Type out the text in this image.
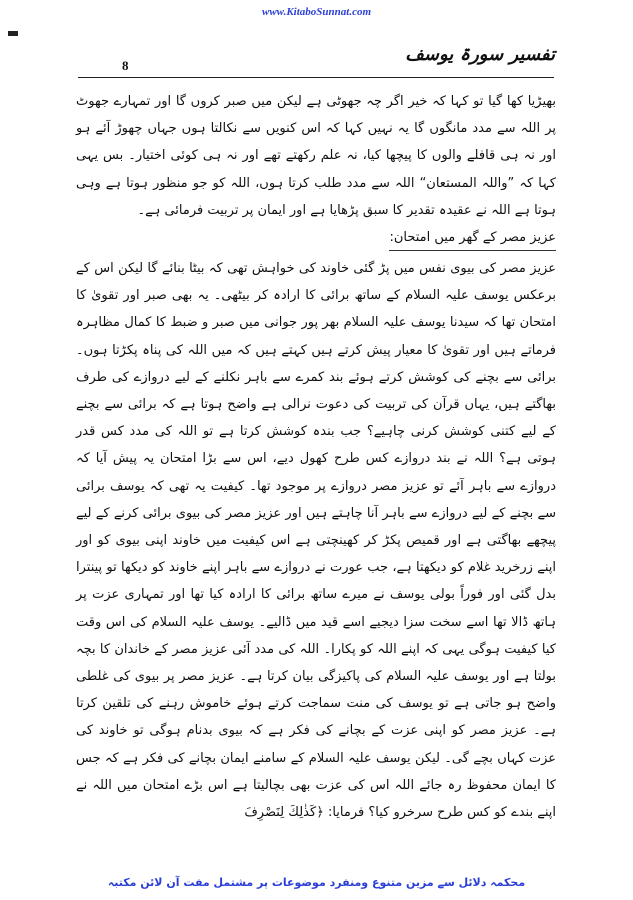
www.KitaboSunnat.com
8
تفسیر سورۃ یوسف

بھیڑیا کھا گیا تو کہا کہ خیر اگر چہ جھوٹی ہے لیکن میں صبر کروں گا اور تمہارے جھوٹ پر اللہ سے مدد مانگوں گا یہ نہیں کہا کہ اس کنویں سے نکالتا ہوں جہاں چھوڑ آئے ہو اور نہ ہی قافلے والوں کا پیچھا کیا، نہ علم رکھتے تھے اور نہ ہی کوئی اختیار۔ بس یہی کہا کہ ”واللہ المستعان“ اللہ سے مدد طلب کرتا ہوں، اللہ کو جو منظور ہوتا ہے وہی ہوتا ہے اللہ نے عقیدہ تقدیر کا سبق پڑھایا ہے اور ایمان پر تربیت فرمائی ہے۔

عزیز مصر کے گھر میں امتحان:

عزیز مصر کی بیوی نفس میں پڑ گئی خاوند کی خواہش تھی کہ بیٹا بنائے گا لیکن اس کے برعکس یوسف علیہ السلام کے ساتھ برائی کا ارادہ کر بیٹھی۔ یہ بھی صبر اور تقویٰ کا امتحان تھا کہ سیدنا یوسف علیہ السلام بھر پور جوانی میں صبر و ضبط کا کمال مظاہرہ فرماتے ہیں اور تقویٰ کا معیار پیش کرتے ہیں کہتے ہیں کہ میں اللہ کی پناہ پکڑتا ہوں۔ برائی سے بچنے کی کوشش کرتے ہوئے بند کمرے سے باہر نکلنے کے لیے دروازے کی طرف بھاگتے ہیں، یہاں قرآن کی تربیت کی دعوت نرالی ہے واضح ہوتا ہے کہ برائی سے بچنے کے لیے کتنی کوشش کرنی چاہیے؟ جب بندہ کوشش کرتا ہے تو اللہ کی مدد کس قدر ہوتی ہے؟ اللہ نے بند دروازے کس طرح کھول دیے، اس سے بڑا امتحان یہ پیش آیا کہ دروازے سے باہر آئے تو عزیز مصر دروازے پر موجود تھا۔ کیفیت یہ تھی کہ یوسف برائی سے بچنے کے لیے دروازے سے باہر آنا چاہتے ہیں اور عزیز مصر کی بیوی برائی کرنے کے لیے پیچھے بھاگتی ہے اور قمیص پکڑ کر کھینچتی ہے اس کیفیت میں خاوند اپنی بیوی کو اور اپنے زرخرید غلام کو دیکھتا ہے، جب عورت نے دروازے سے باہر اپنے خاوند کو دیکھا تو پینترا بدل گئی اور فوراً بولی یوسف نے میرے ساتھ برائی کا ارادہ کیا تھا اور تمہاری عزت پر ہاتھ ڈالا تھا اسے سخت سزا دیجیے اسے قید میں ڈالیے۔ یوسف علیہ السلام کی اس وقت کیا کیفیت ہوگی یہی کہ اپنے اللہ کو پکارا۔ اللہ کی مدد آئی عزیز مصر کے خاندان کا بچہ بولتا ہے اور یوسف علیہ السلام کی پاکیزگی بیان کرتا ہے۔ عزیز مصر پر بیوی کی غلطی واضح ہو جاتی ہے تو یوسف کی منت سماجت کرتے ہوئے خاموش رہنے کی تلقین کرتا ہے۔ عزیز مصر کو اپنی عزت کے بچانے کی فکر ہے کہ بیوی بدنام ہوگی تو خاوند کی عزت کہاں بچے گی۔ لیکن یوسف علیہ السلام کے سامنے ایمان بچانے کی فکر ہے کہ جس کا ایمان محفوظ رہ جائے اللہ اس کی عزت بھی بچالیتا ہے اس بڑے امتحان میں اللہ نے اپنے بندے کو کس طرح سرخرو کیا؟ فرمایا: ﴿كَذٰلِكَ لِنَصْرِفَ

محکمہ دلائل سے مزین متنوع ومنفرد موضوعات پر مشتمل مفت آن لائن مکتبہ
